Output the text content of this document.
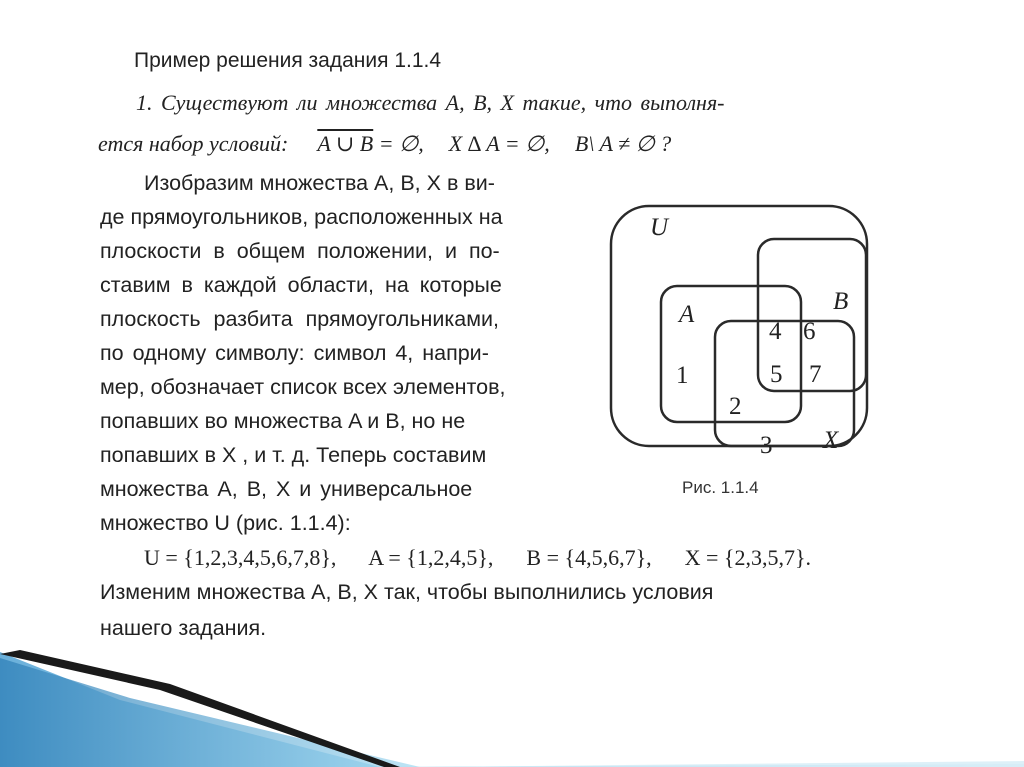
Пример решения задания 1.1.4
1. Существуют ли множества A, B, X такие, что выполня-
ется набор условий: A ∪ B = ∅, X ∆ A = ∅, B\ A ≠ ∅ ?
Изобразим множества A, B, X в ви-
де прямоугольников, расположенных на
плоскости в общем положении, и по-
ставим в каждой области, на которые
плоскость разбита прямоугольниками,
по одному символу: символ 4, напри-
мер, обозначает список всех элементов,
попавших во множества A и B, но не
попавших в X , и т. д. Теперь составим
множества A, B, X и универсальное
множество U (рис. 1.1.4):
U = {1,2,3,4,5,6,7,8}, A = {1,2,4,5}, B = {4,5,6,7}, X = {2,3,5,7}.
Изменим множества A, B, X так, чтобы выполнились условия
нашего задания.
U
A	B
X
1
2
3
4
5
6
7
Рис. 1.1.4
